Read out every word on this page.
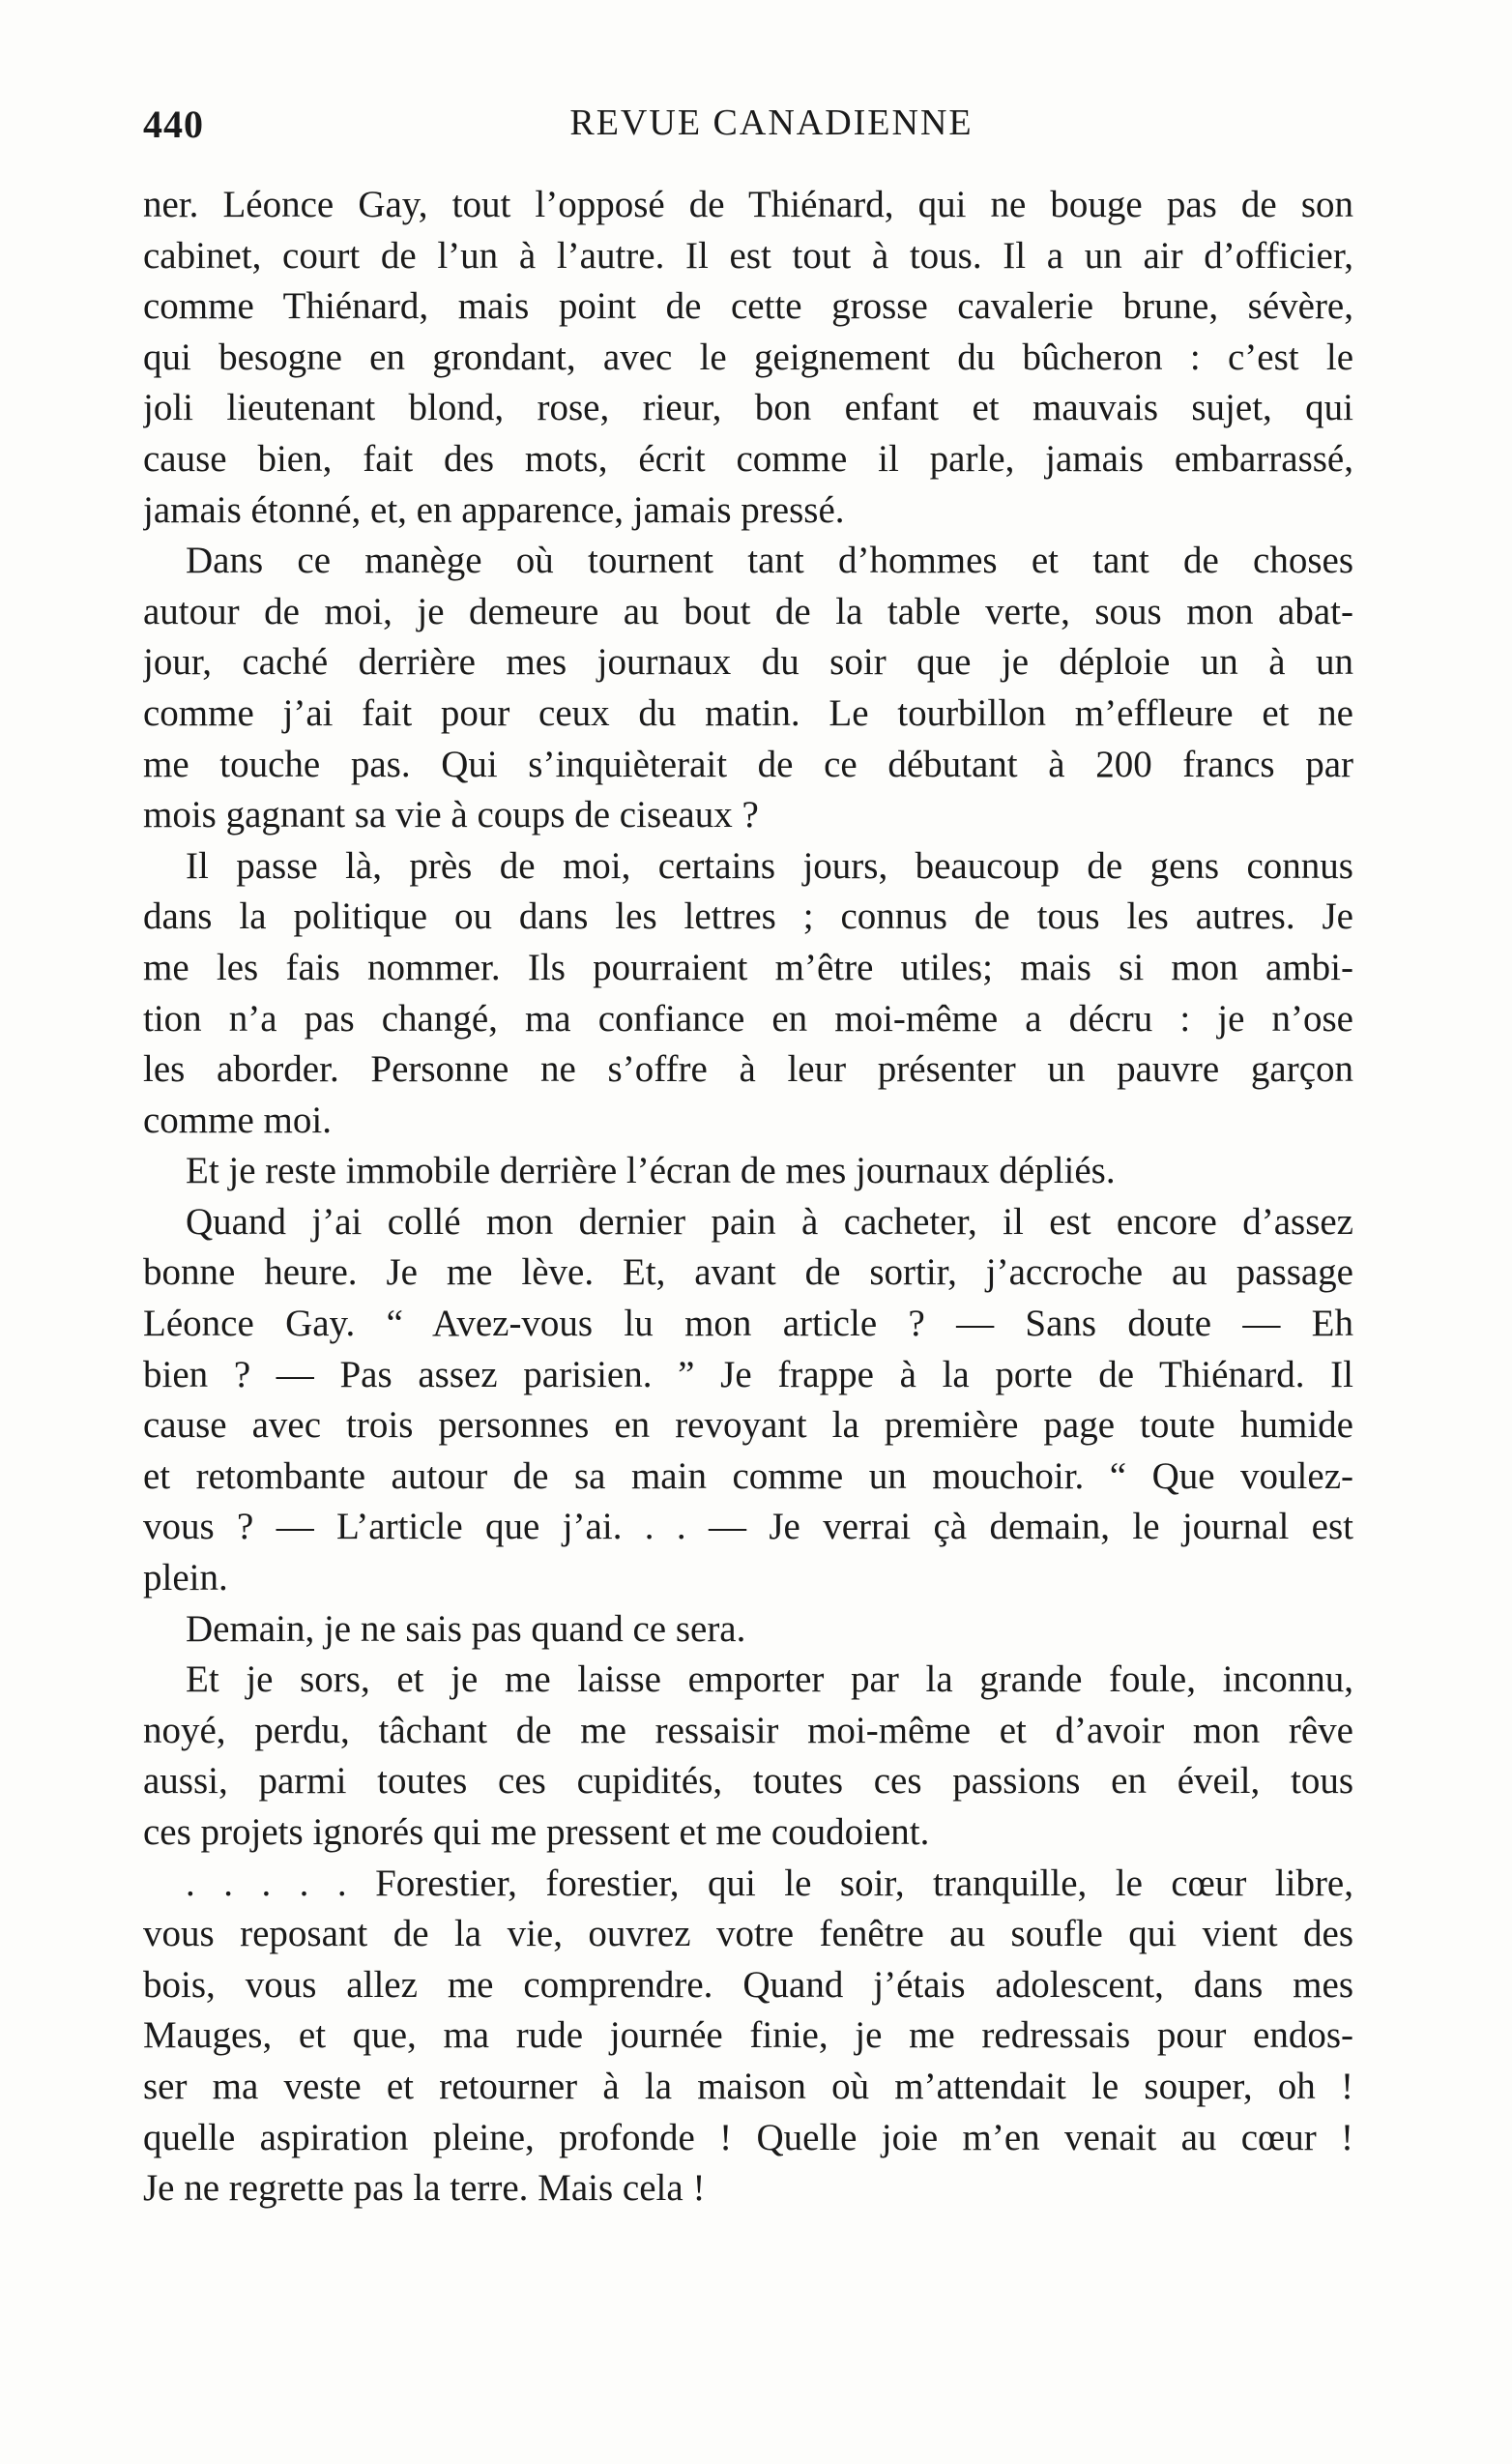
440	REVUE CANADIENNE
ner. Léonce Gay, tout l’opposé de Thiénard, qui ne bouge pas de son
cabinet, court de l’un à l’autre. Il est tout à tous. Il a un air d’officier,
comme Thiénard, mais point de cette grosse cavalerie brune, sévère,
qui besogne en grondant, avec le geignement du bûcheron : c’est le
joli lieutenant blond, rose, rieur, bon enfant et mauvais sujet, qui
cause bien, fait des mots, écrit comme il parle, jamais embarrassé,
jamais étonné, et, en apparence, jamais pressé.
Dans ce manège où tournent tant d’hommes et tant de choses
autour de moi, je demeure au bout de la table verte, sous mon abat-
jour, caché derrière mes journaux du soir que je déploie un à un
comme j’ai fait pour ceux du matin. Le tourbillon m’effleure et ne
me touche pas. Qui s’inquièterait de ce débutant à 200 francs par
mois gagnant sa vie à coups de ciseaux ?
Il passe là, près de moi, certains jours, beaucoup de gens connus
dans la politique ou dans les lettres ; connus de tous les autres. Je
me les fais nommer. Ils pourraient m’être utiles; mais si mon ambi-
tion n’a pas changé, ma confiance en moi-même a décru : je n’ose
les aborder. Personne ne s’offre à leur présenter un pauvre garçon
comme moi.
Et je reste immobile derrière l’écran de mes journaux dépliés.
Quand j’ai collé mon dernier pain à cacheter, il est encore d’assez
bonne heure. Je me lève. Et, avant de sortir, j’accroche au passage
Léonce Gay. “ Avez-vous lu mon article ? — Sans doute — Eh
bien ? — Pas assez parisien. ” Je frappe à la porte de Thiénard. Il
cause avec trois personnes en revoyant la première page toute humide
et retombante autour de sa main comme un mouchoir. “ Que voulez-
vous ? — L’article que j’ai. . . — Je verrai çà demain, le journal est
plein.
Demain, je ne sais pas quand ce sera.
Et je sors, et je me laisse emporter par la grande foule, inconnu,
noyé, perdu, tâchant de me ressaisir moi-même et d’avoir mon rêve
aussi, parmi toutes ces cupidités, toutes ces passions en éveil, tous
ces projets ignorés qui me pressent et me coudoient.
. . . . . Forestier, forestier, qui le soir, tranquille, le cœur libre,
vous reposant de la vie, ouvrez votre fenêtre au soufle qui vient des
bois, vous allez me comprendre. Quand j’étais adolescent, dans mes
Mauges, et que, ma rude journée finie, je me redressais pour endos-
ser ma veste et retourner à la maison où m’attendait le souper, oh !
quelle aspiration pleine, profonde ! Quelle joie m’en venait au cœur !
Je ne regrette pas la terre. Mais cela !
